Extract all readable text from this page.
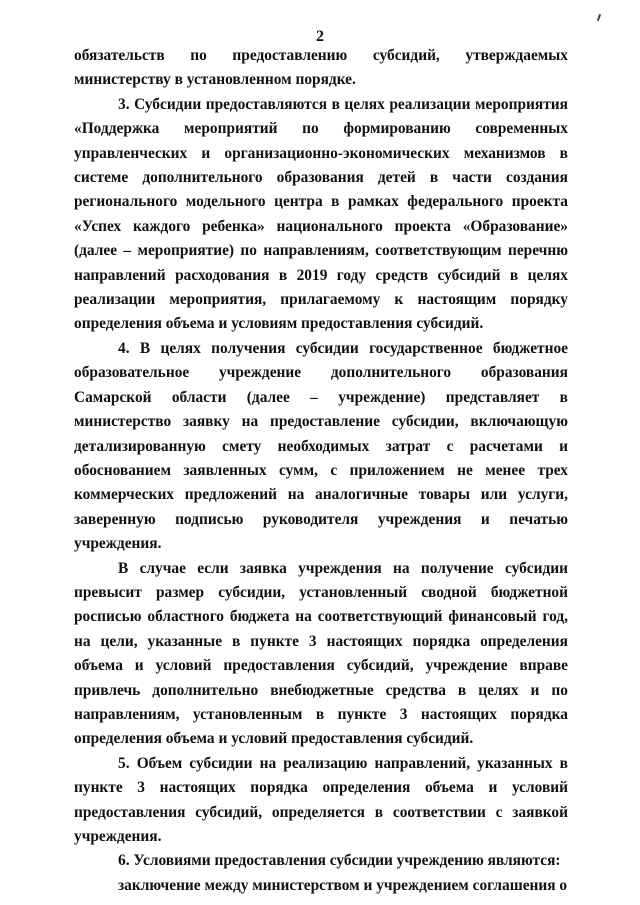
2

обязательств по предоставлению субсидий, утверждаемых министерству в установленном порядке.

3. Субсидии предоставляются в целях реализации мероприятия «Поддержка мероприятий по формированию современных управленческих и организационно-экономических механизмов в системе дополнительного образования детей в части создания регионального модельного центра в рамках федерального проекта «Успех каждого ребенка» национального проекта «Образование» (далее – мероприятие) по направлениям, соответствующим перечню направлений расходования в 2019 году средств субсидий в целях реализации мероприятия, прилагаемому к настоящим порядку определения объема и условиям предоставления субсидий.

4. В целях получения субсидии государственное бюджетное образовательное учреждение дополнительного образования Самарской области (далее – учреждение) представляет в министерство заявку на предоставление субсидии, включающую детализированную смету необходимых затрат с расчетами и обоснованием заявленных сумм, с приложением не менее трех коммерческих предложений на аналогичные товары или услуги, заверенную подписью руководителя учреждения и печатью учреждения.

В случае если заявка учреждения на получение субсидии превысит размер субсидии, установленный сводной бюджетной росписью областного бюджета на соответствующий финансовый год, на цели, указанные в пункте 3 настоящих порядка определения объема и условий предоставления субсидий, учреждение вправе привлечь дополнительно внебюджетные средства в целях и по направлениям, установленным в пункте 3 настоящих порядка определения объема и условий предоставления субсидий.

5. Объем субсидии на реализацию направлений, указанных в пункте 3 настоящих порядка определения объема и условий предоставления субсидий, определяется в соответствии с заявкой учреждения.

6. Условиями предоставления субсидии учреждению являются:

заключение между министерством и учреждением соглашения о
